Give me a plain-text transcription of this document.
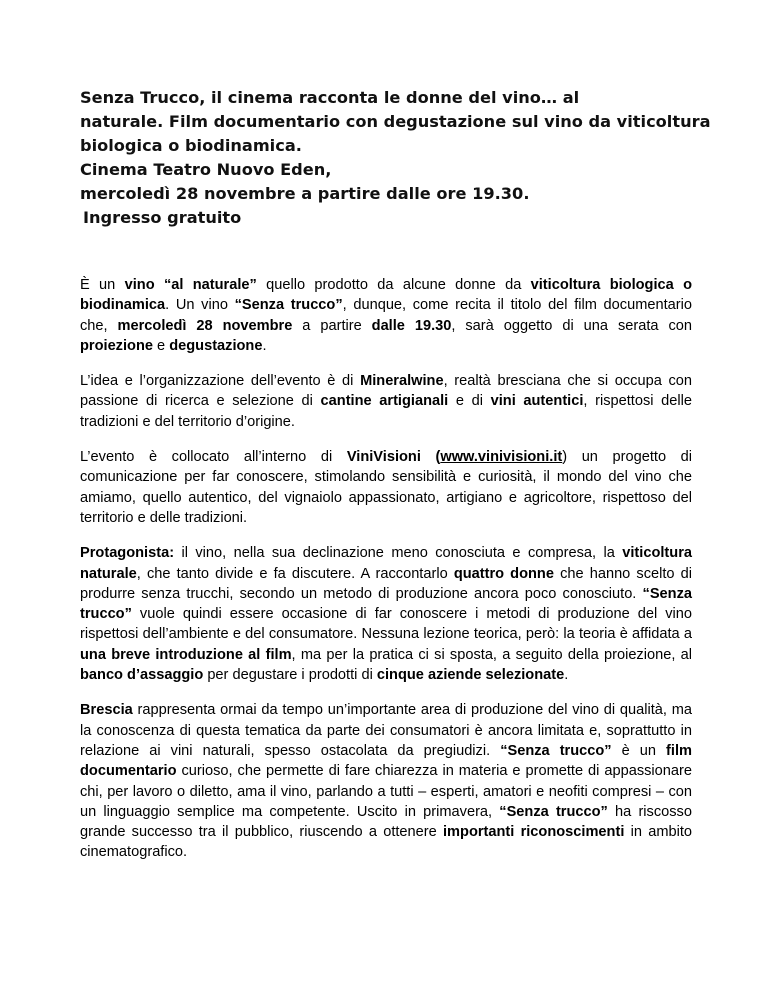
Senza Trucco, il cinema racconta le donne del vino… al
naturale. Film documentario con degustazione sul vino da viticoltura
biologica o biodinamica.
Cinema Teatro Nuovo Eden,
mercoledì 28 novembre a partire dalle ore 19.30.
Ingresso gratuito

È un vino “al naturale” quello prodotto da alcune donne da viticoltura biologica o biodinamica. Un vino “Senza trucco”, dunque, come recita il titolo del film documentario che, mercoledì 28 novembre a partire dalle 19.30, sarà oggetto di una serata con proiezione e degustazione.

L’idea e l’organizzazione dell’evento è di Mineralwine, realtà bresciana che si occupa con passione di ricerca e selezione di cantine artigianali e di vini autentici, rispettosi delle tradizioni e del territorio d’origine.

L’evento è collocato all’interno di ViniVisioni (www.vinivisioni.it) un progetto di comunicazione per far conoscere, stimolando sensibilità e curiosità, il mondo del vino che amiamo, quello autentico, del vignaiolo appassionato, artigiano e agricoltore, rispettoso del territorio e delle tradizioni.

Protagonista: il vino, nella sua declinazione meno conosciuta e compresa, la viticoltura naturale, che tanto divide e fa discutere. A raccontarlo quattro donne che hanno scelto di produrre senza trucchi, secondo un metodo di produzione ancora poco conosciuto. “Senza trucco” vuole quindi essere occasione di far conoscere i metodi di produzione del vino rispettosi dell’ambiente e del consumatore. Nessuna lezione teorica, però: la teoria è affidata a una breve introduzione al film, ma per la pratica ci si sposta, a seguito della proiezione, al banco d’assaggio per degustare i prodotti di cinque aziende selezionate.

Brescia rappresenta ormai da tempo un’importante area di produzione del vino di qualità, ma la conoscenza di questa tematica da parte dei consumatori è ancora limitata e, soprattutto in relazione ai vini naturali, spesso ostacolata da pregiudizi. “Senza trucco” è un film documentario curioso, che permette di fare chiarezza in materia e promette di appassionare chi, per lavoro o diletto, ama il vino, parlando a tutti – esperti, amatori e neofiti compresi – con un linguaggio semplice ma competente. Uscito in primavera, “Senza trucco” ha riscosso grande successo tra il pubblico, riuscendo a ottenere importanti riconoscimenti in ambito cinematografico.
